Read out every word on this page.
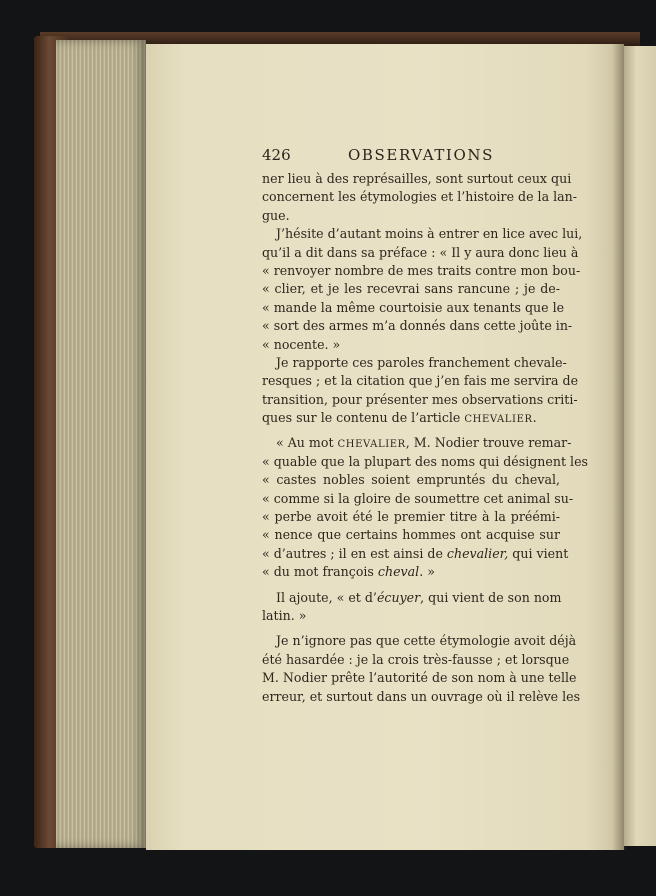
426	OBSERVATIONS
ner lieu à des représailles, sont surtout ceux qui
concernent les étymologies et l’histoire de la lan-
gue.
J’hésite d’autant moins à entrer en lice avec lui,
qu’il a dit dans sa préface : « Il y aura donc lieu à
« renvoyer nombre de mes traits contre mon bou-
« clier, et je les recevrai sans rancune ; je de-
« mande la même courtoisie aux tenants que le
« sort des armes m’a donnés dans cette joûte in-
« nocente. »
Je rapporte ces paroles franchement chevale-
resques ; et la citation que j’en fais me servira de
transition, pour présenter mes observations criti-
ques sur le contenu de l’article CHEVALIER.
« Au mot CHEVALIER, M. Nodier trouve remar-
« quable que la plupart des noms qui désignent les
« castes nobles soient empruntés du cheval,
« comme si la gloire de soumettre cet animal su-
« perbe avoit été le premier titre à la préémi-
« nence que certains hommes ont acquise sur
« d’autres ; il en est ainsi de chevalier, qui vient
« du mot françois cheval. »
Il ajoute, « et d’écuyer, qui vient de son nom
latin. »
Je n’ignore pas que cette étymologie avoit déjà
été hasardée : je la crois très-fausse ; et lorsque
M. Nodier prête l’autorité de son nom à une telle
erreur, et surtout dans un ouvrage où il relève les
